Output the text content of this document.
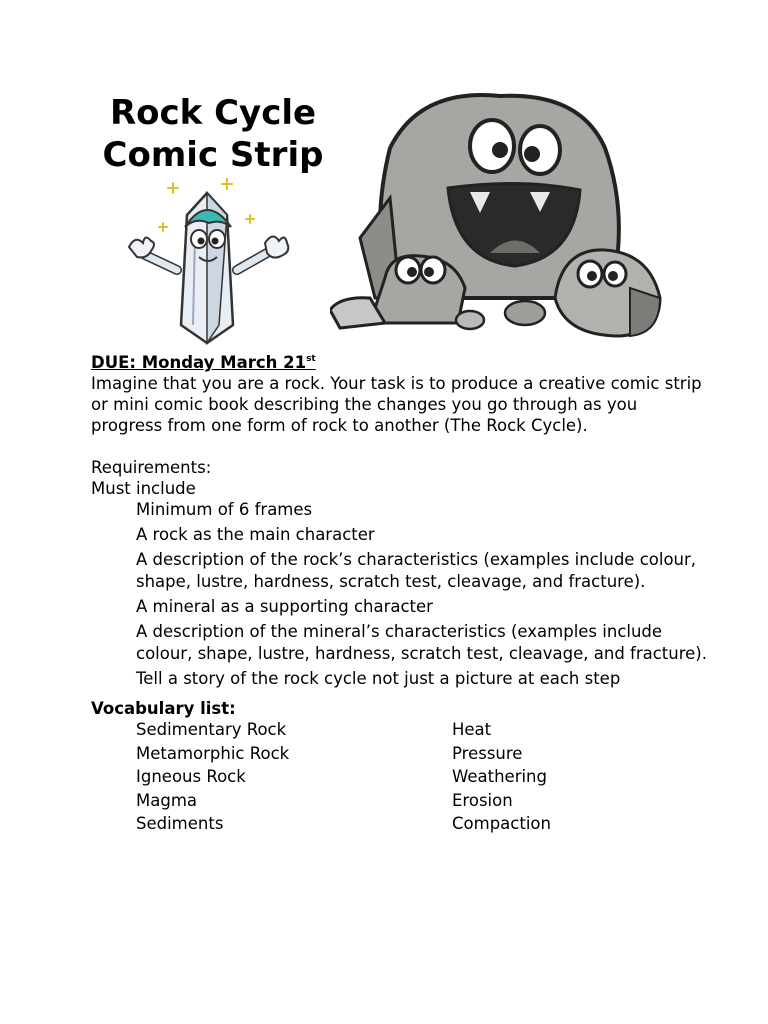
Rock Cycle
Comic Strip
DUE: Monday March 21st

Imagine that you are a rock. Your task is to produce a creative comic strip or mini comic book describing the changes you go through as you progress from one form of rock to another (The Rock Cycle).

Requirements:
Must include
Minimum of 6 frames
A rock as the main character
A description of the rock’s characteristics (examples include colour, shape, lustre, hardness, scratch test, cleavage, and fracture).
A mineral as a supporting character
A description of the mineral’s characteristics (examples include colour, shape, lustre, hardness, scratch test, cleavage, and fracture).
Tell a story of the rock cycle not just a picture at each step
Vocabulary list:
Sedimentary Rock	Heat
Metamorphic Rock	Pressure
Igneous Rock	Weathering
Magma	Erosion
Sediments	Compaction
